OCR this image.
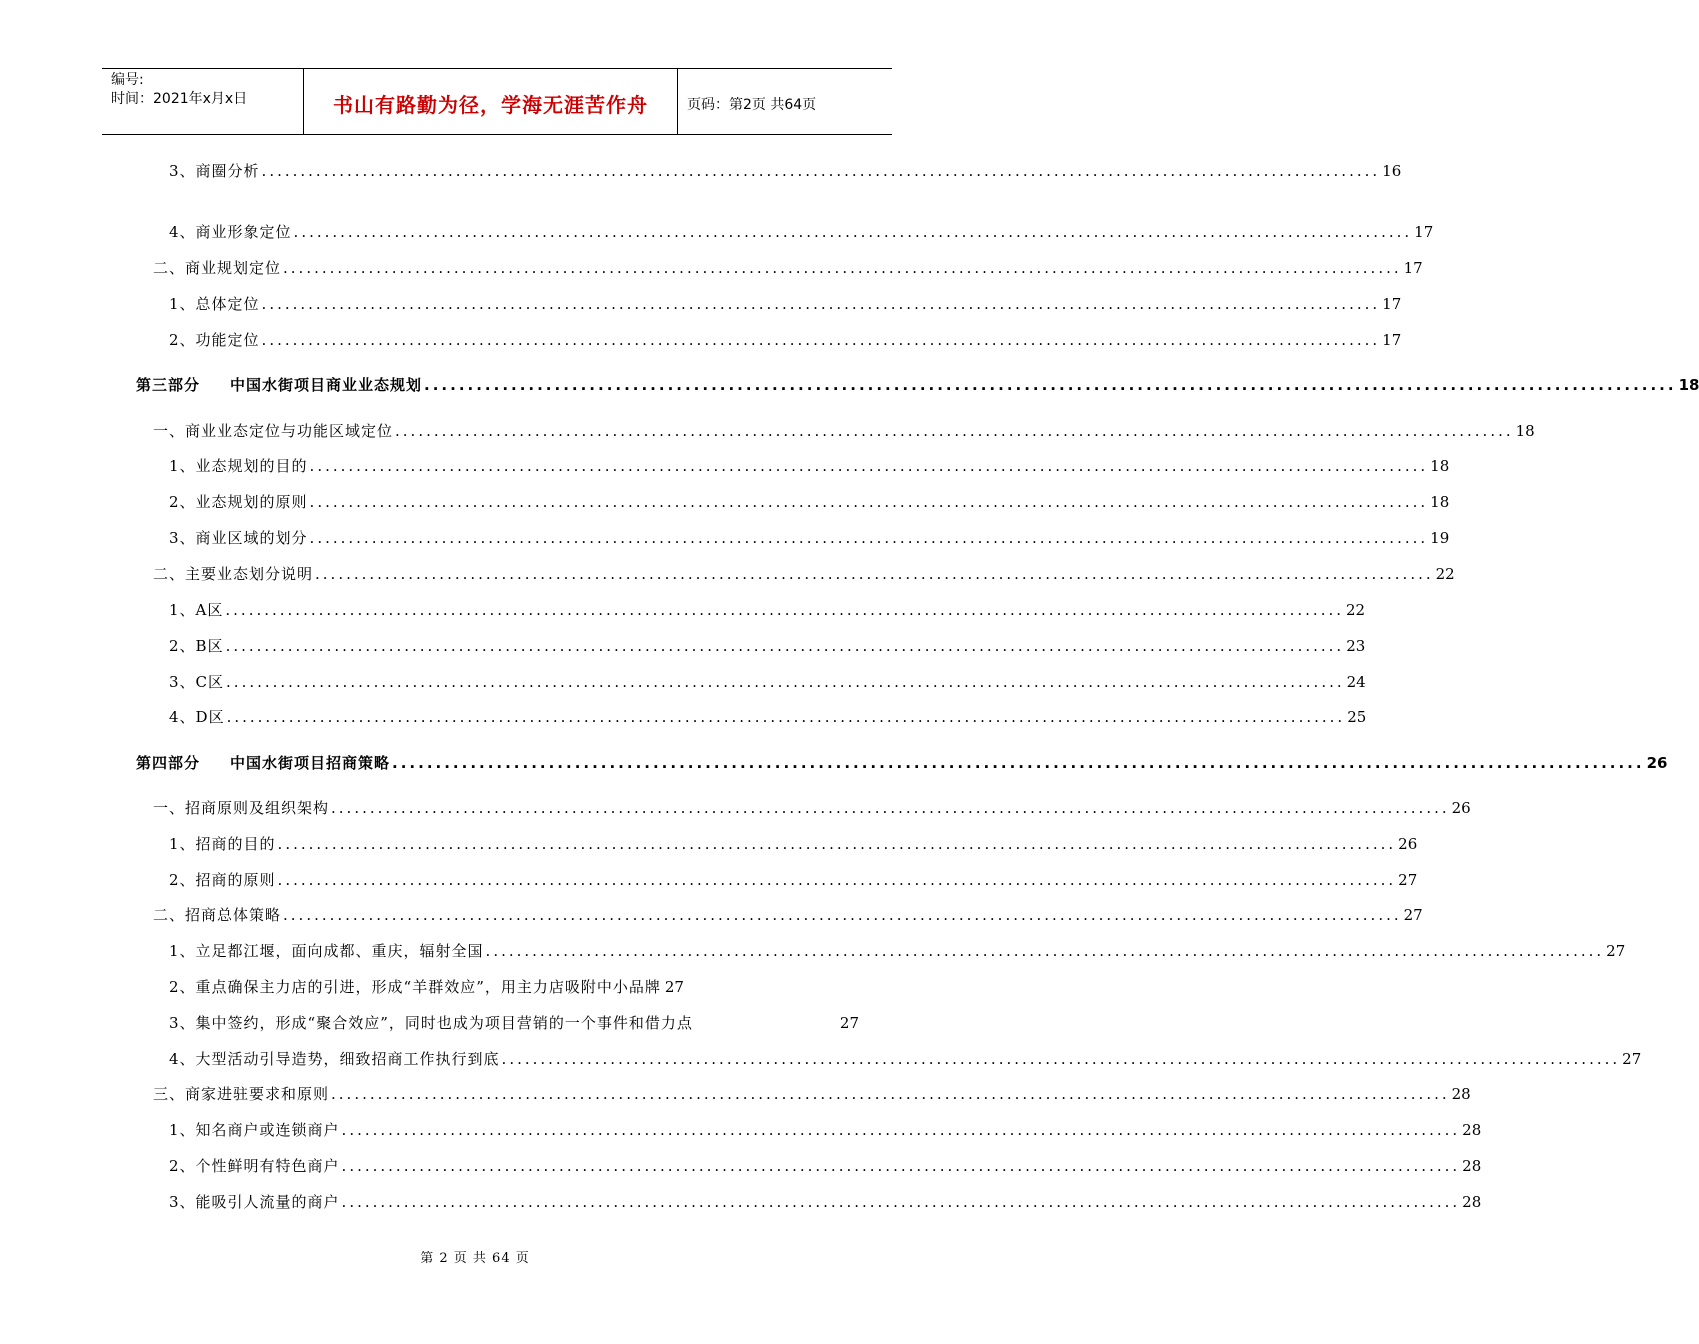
编号:
时间：2021年x月x日	书山有路勤为径，学海无涯苦作舟	页码：第2页 共64页
3、商圈分析 ................................................................................................................................................ 16
4、商业形象定位 ................................................................................................................................................ 17
二、商业规划定位 ................................................................................................................................................ 17
1、总体定位 ................................................................................................................................................ 17
2、功能定位 ................................................................................................................................................ 17
第三部分 中国水街项目商业业态规划 ................................................................................................................................................ 18
一、商业业态定位与功能区域定位 ................................................................................................................................................ 18
1、业态规划的目的 ................................................................................................................................................ 18
2、业态规划的原则 ................................................................................................................................................ 18
3、商业区域的划分 ................................................................................................................................................ 19
二、主要业态划分说明 ................................................................................................................................................ 22
1、A区 ................................................................................................................................................ 22
2、B区 ................................................................................................................................................ 23
3、C区 ................................................................................................................................................ 24
4、D区 ................................................................................................................................................ 25
第四部分 中国水街项目招商策略 ................................................................................................................................................ 26
一、招商原则及组织架构 ................................................................................................................................................ 26
1、招商的目的 ................................................................................................................................................ 26
2、招商的原则 ................................................................................................................................................ 27
二、招商总体策略 ................................................................................................................................................ 27
1、立足都江堰，面向成都、重庆，辐射全国 ................................................................................................................................................ 27
2、重点确保主力店的引进，形成“羊群效应”，用主力店吸附中小品牌 27
3、集中签约，形成“聚合效应”，同时也成为项目营销的一个事件和借力点	27
4、大型活动引导造势，细致招商工作执行到底 ................................................................................................................................................ 27
三、商家进驻要求和原则 ................................................................................................................................................ 28
1、知名商户或连锁商户 ................................................................................................................................................ 28
2、个性鲜明有特色商户 ................................................................................................................................................ 28
3、能吸引人流量的商户 ................................................................................................................................................ 28
第 2 页 共 64 页
